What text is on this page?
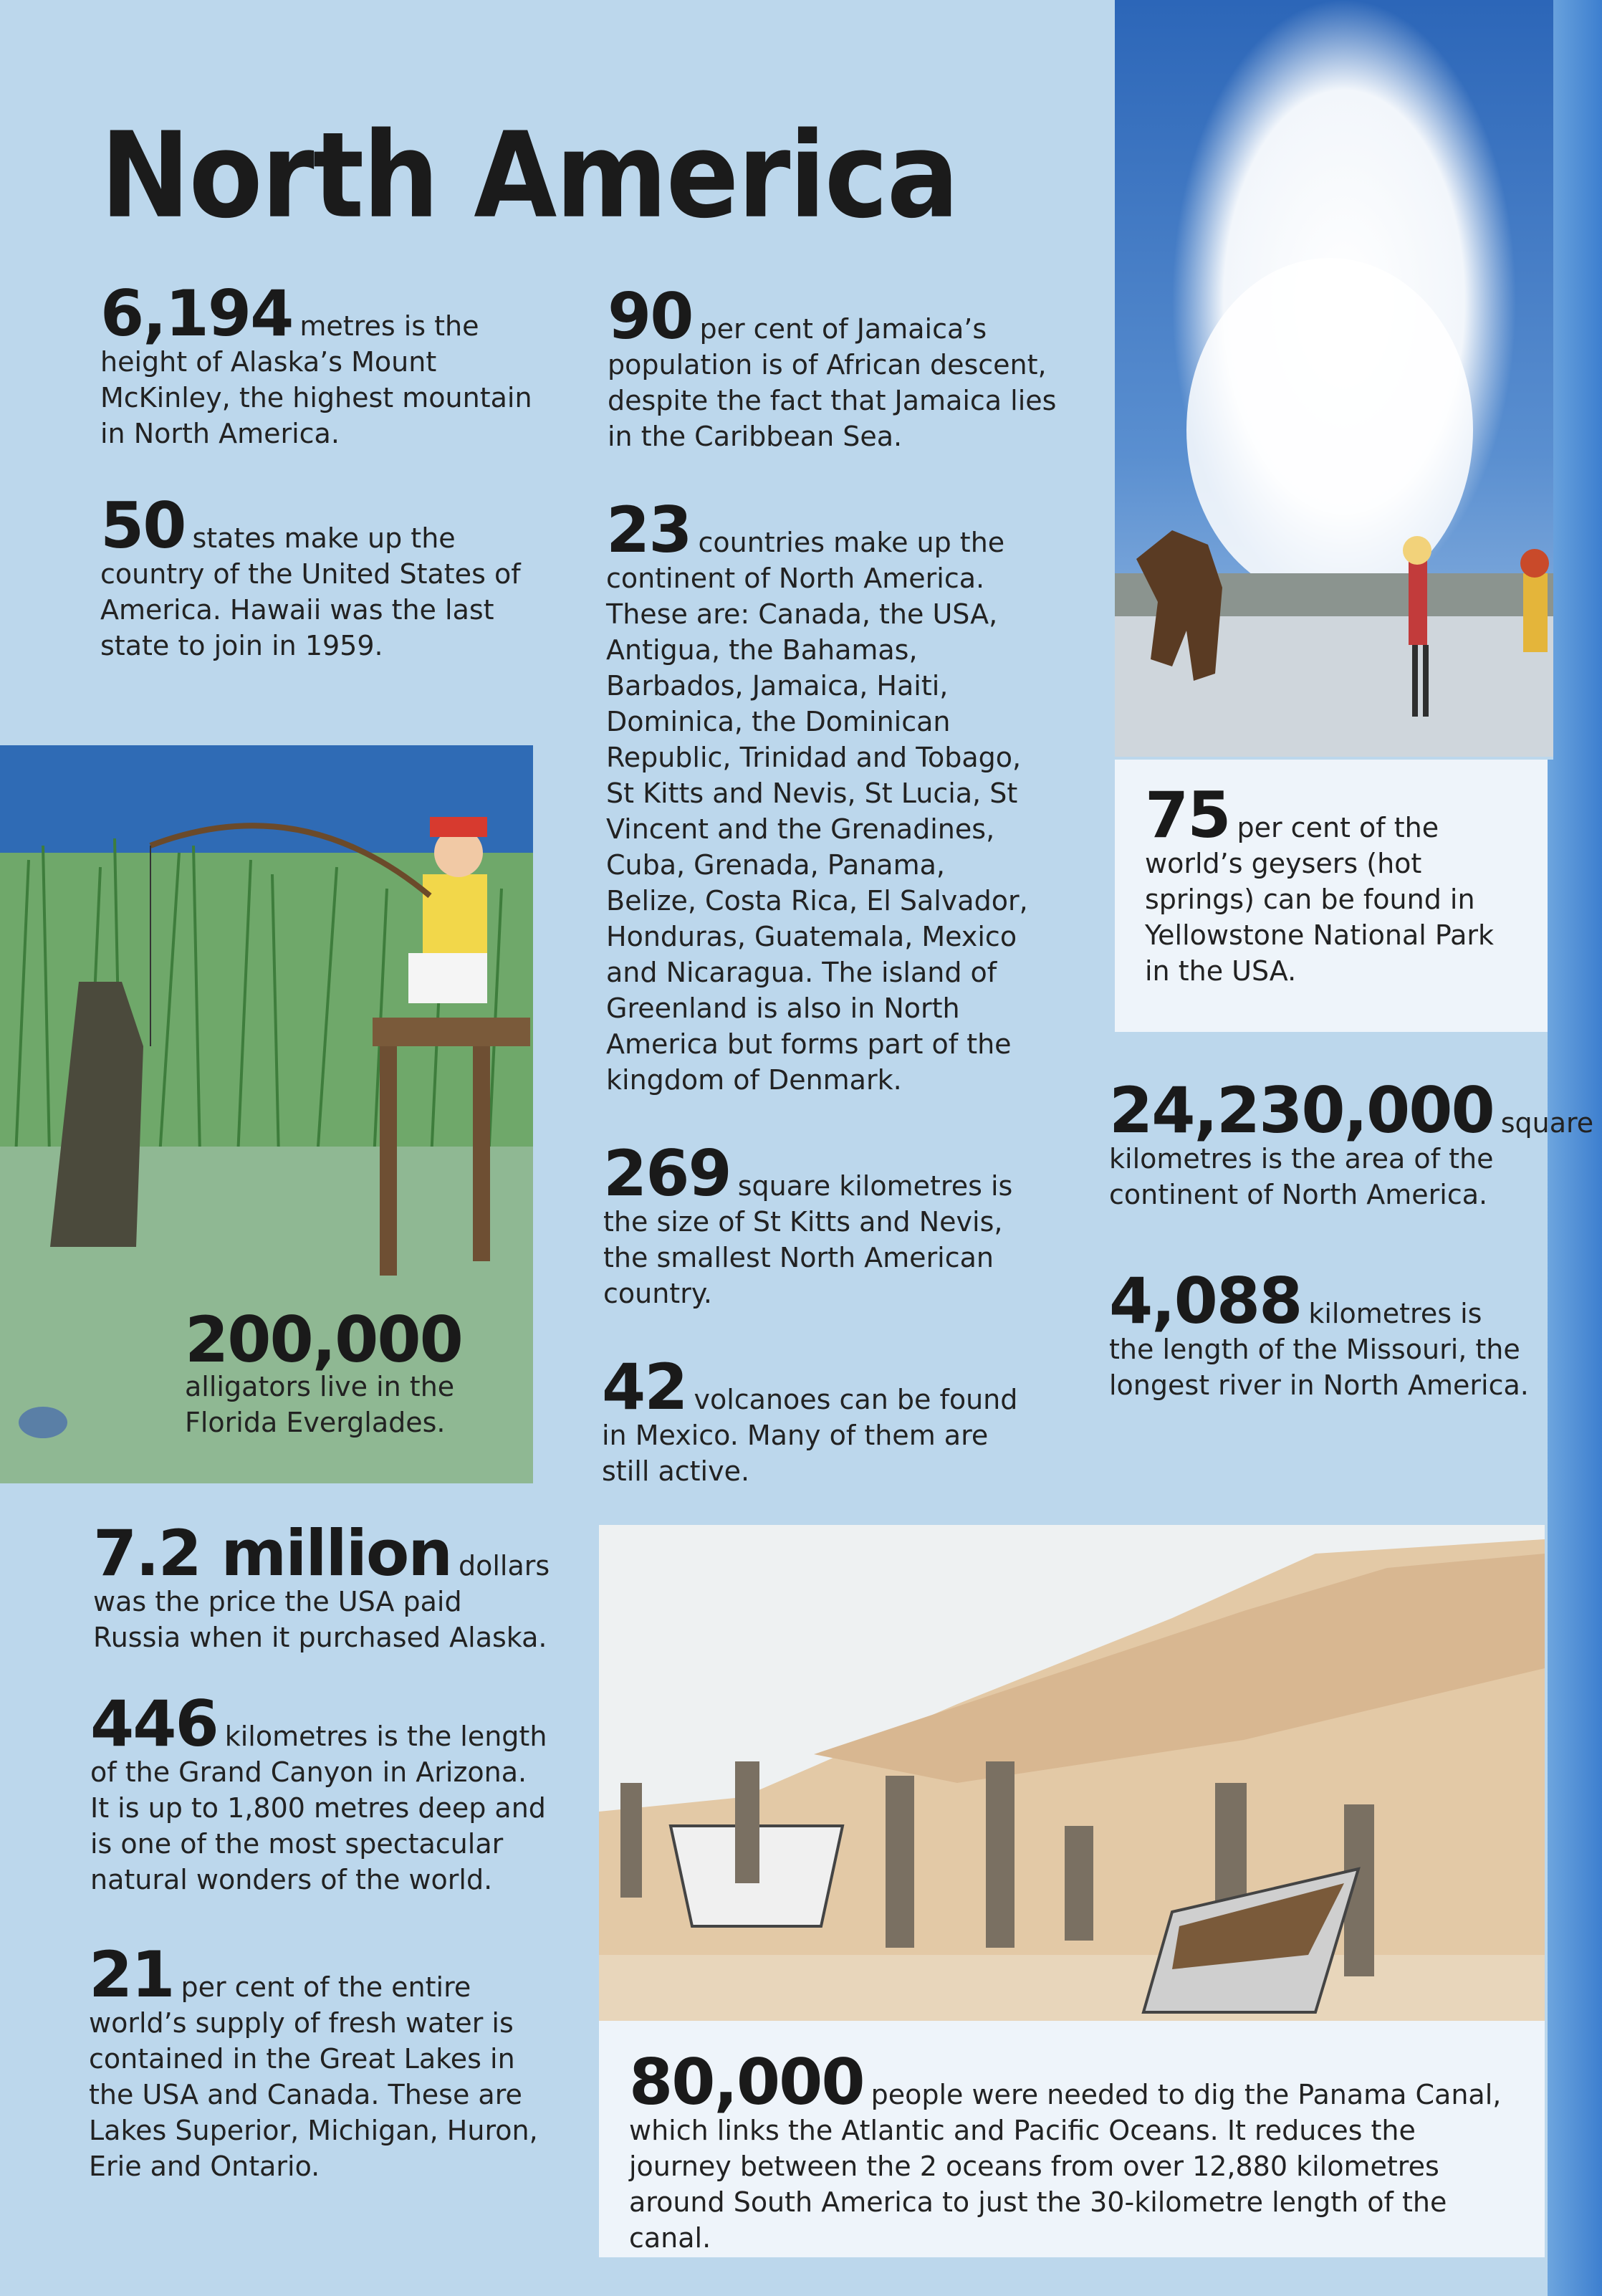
North America
6,194 metres is the height of Alaska’s Mount McKinley, the highest mountain in North America.
50 states make up the country of the United States of America. Hawaii was the last state to join in 1959.
200,000
alligators live in the Florida Everglades.
7.2 million dollars was the price the USA paid Russia when it purchased Alaska.
446 kilometres is the length of the Grand Canyon in Arizona. It is up to 1,800 metres deep and is one of the most spectacular natural wonders of the world.
21 per cent of the entire world’s supply of fresh water is contained in the Great Lakes in the USA and Canada. These are Lakes Superior, Michigan, Huron, Erie and Ontario.
90 per cent of Jamaica’s population is of African descent, despite the fact that Jamaica lies in the Caribbean Sea.
23 countries make up the continent of North America. These are: Canada, the USA, Antigua, the Bahamas, Barbados, Jamaica, Haiti, Dominica, the Dominican Republic, Trinidad and Tobago, St Kitts and Nevis, St Lucia, St Vincent and the Grenadines, Cuba, Grenada, Panama, Belize, Costa Rica, El Salvador, Honduras, Guatemala, Mexico and Nicaragua. The island of Greenland is also in North America but forms part of the kingdom of Denmark.
269 square kilometres is the size of St Kitts and Nevis, the smallest North American country.
42 volcanoes can be found in Mexico. Many of them are still active.
75 per cent of the world’s geysers (hot springs) can be found in Yellowstone National Park in the USA.
24,230,000 square kilometres is the area of the continent of North America.
4,088 kilometres is the length of the Missouri, the longest river in North America.
80,000 people were needed to dig the Panama Canal, which links the Atlantic and Pacific Oceans. It reduces the journey between the 2 oceans from over 12,880 kilometres around South America to just the 30-kilometre length of the canal.
